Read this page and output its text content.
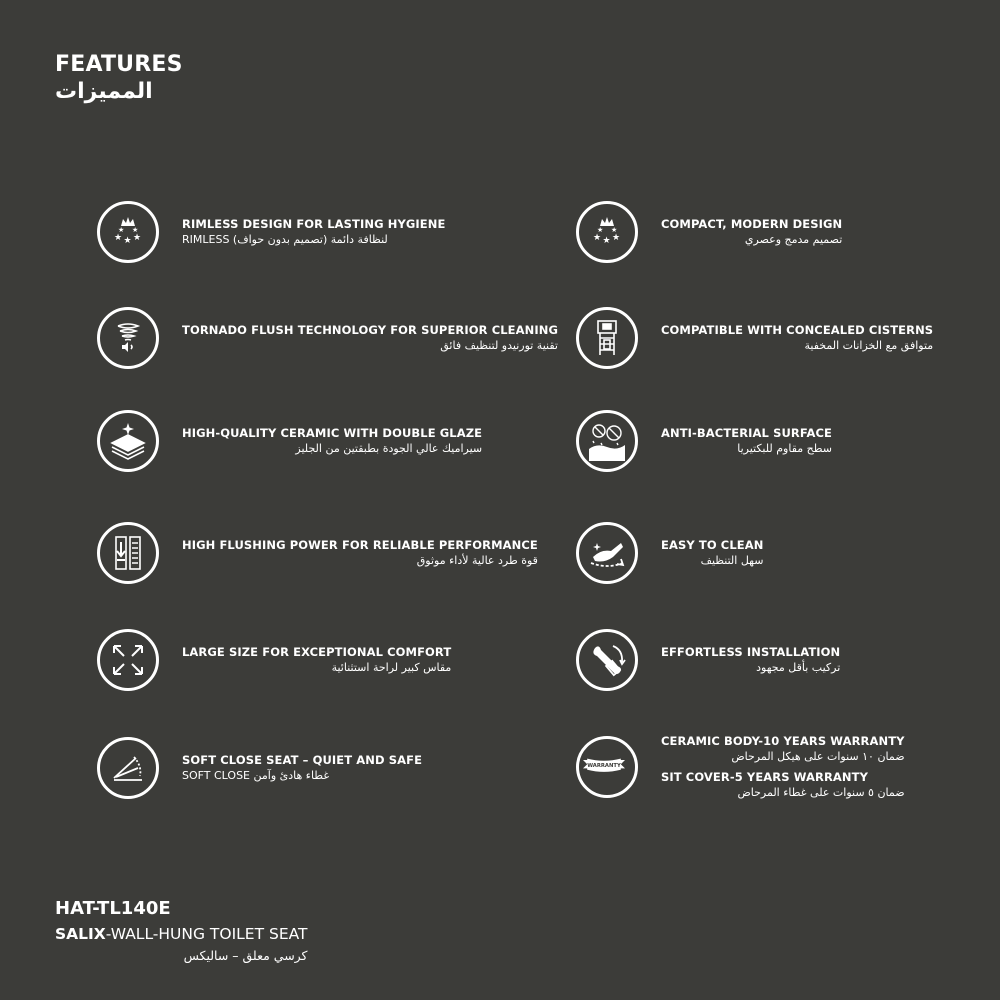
FEATURES
المميزات
★ ★ ★
★ ★	RIMLESS DESIGN FOR LASTING HYGIENE
RIMLESS (تصميم بدون حواف) لنظافة دائمة
TORNADO FLUSH TECHNOLOGY FOR SUPERIOR CLEANING
تقنية تورنيدو لتنظيف فائق
HIGH-QUALITY CERAMIC WITH DOUBLE GLAZE
سيراميك عالي الجودة بطبقتين من الجليز
HIGH FLUSHING POWER FOR RELIABLE PERFORMANCE
قوة طرد عالية لأداء موثوق
LARGE SIZE FOR EXCEPTIONAL COMFORT
مقاس كبير لراحة استثنائية
SOFT CLOSE SEAT – QUIET AND SAFE
SOFT CLOSE غطاء هادئ وآمن
★ ★ ★
★ ★	COMPACT, MODERN DESIGN
تصميم مدمج وعصري
COMPATIBLE WITH CONCEALED CISTERNS
متوافق مع الخزانات المخفية
ANTI-BACTERIAL SURFACE
سطح مقاوم للبكتيريا
EASY TO CLEAN
سهل التنظيف
EFFORTLESS INSTALLATION
تركيب بأقل مجهود
WARRANTY
CERAMIC BODY-10 YEARS WARRANTY
ضمان ١٠ سنوات على هيكل المرحاض
SIT COVER-5 YEARS WARRANTY
ضمان ٥ سنوات على غطاء المرحاض
HAT-TL140E
SALIX-WALL-HUNG TOILET SEAT
كرسي معلق – ساليكس
